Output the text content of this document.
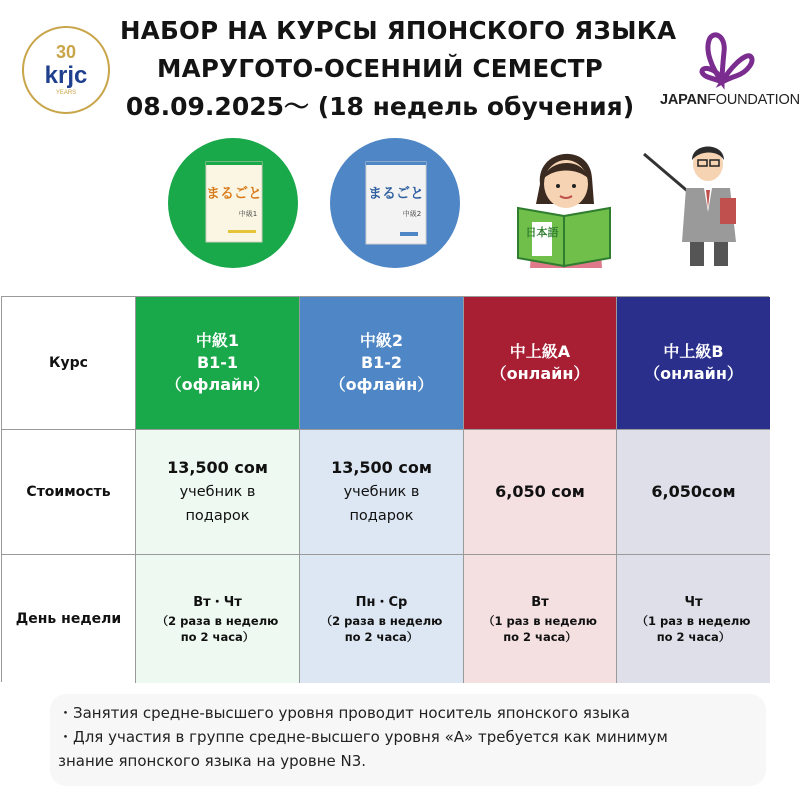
30
krjc
YEARS
НАБОР НА КУРСЫ ЯПОНСКОГО ЯЗЫКА
МАРУГОТО-ОСЕННИЙ СЕМЕСТР
08.09.2025～ (18 недель обучения)	JAPANFOUNDATION
まるごと
中級1
まるごと
中級2
日本語
Курс
中級1
B1-1
（офлайн）
中級2
B1-2
（офлайн）
中上級A
（онлайн）
中上級B
（онлайн）
Стоимость
13,500 сом
учебник в
подарок
13,500 сом
учебник в
подарок
6,050 сом	6,050сом
День недели
Вт・Чт
（2 раза в неделю
по 2 часа）
Пн・Ср
（2 раза в неделю
по 2 часа）
Вт
（1 раз в неделю
по 2 часа）
Чт
（1 раз в неделю
по 2 часа）

・Занятия средне-высшего уровня проводит носитель японского языка

・Для участия в группе средне-высшего уровня «А» требуется как минимум

знание японского языка на уровне N3.
